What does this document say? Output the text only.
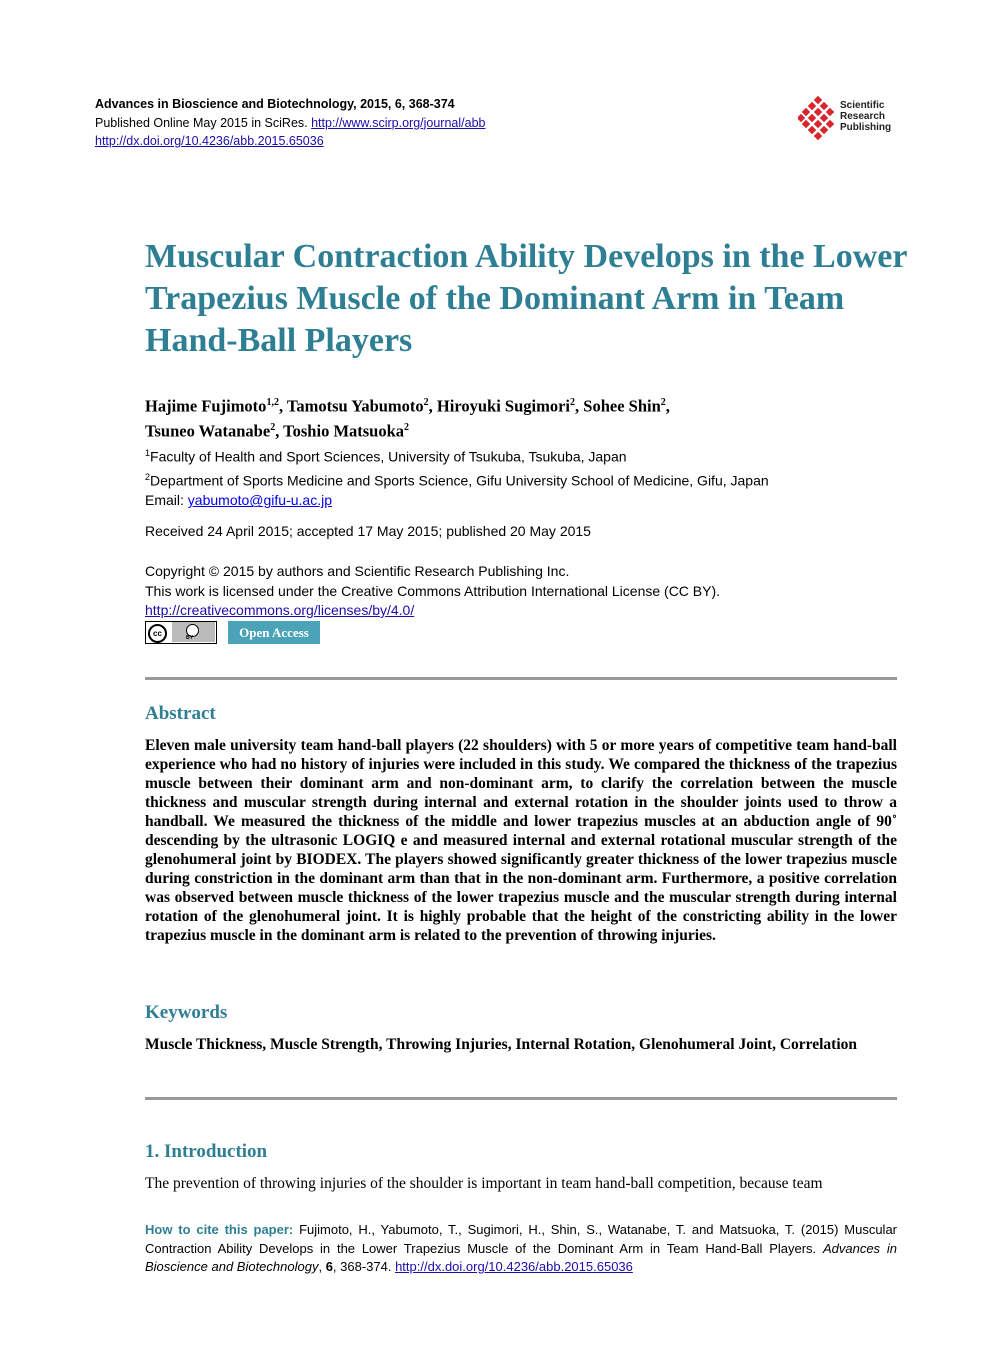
Advances in Bioscience and Biotechnology, 2015, 6, 368-374
Published Online May 2015 in SciRes. http://www.scirp.org/journal/abb
http://dx.doi.org/10.4236/abb.2015.65036
Scientific
Research
Publishing
Muscular Contraction Ability Develops in the Lower Trapezius Muscle of the Dominant Arm in Team Hand-Ball Players
Hajime Fujimoto$^{1,2}$, Tamotsu Yabumoto$^2$, Hiroyuki Sugimori$^2$, Sohee Shin$^2$,
Tsuneo Watanabe$^2$, Toshio Matsuoka$^2$
$^1$Faculty of Health and Sport Sciences, University of Tsukuba, Tsukuba, Japan
$^2$Department of Sports Medicine and Sports Science, Gifu University School of Medicine, Gifu, Japan
Email: yabumoto@gifu-u.ac.jp
Received 24 April 2015; accepted 17 May 2015; published 20 May 2015
Copyright © 2015 by authors and Scientific Research Publishing Inc.
This work is licensed under the Creative Commons Attribution International License (CC BY).
http://creativecommons.org/licenses/by/4.0/
cc	BY	Open Access
Abstract
Eleven male university team hand-ball players (22 shoulders) with 5 or more years of competitive team hand-ball experience who had no history of injuries were included in this study. We compared the thickness of the trapezius muscle between their dominant arm and non-dominant arm, to clarify the correlation between the muscle thickness and muscular strength during internal and external rotation in the shoulder joints used to throw a handball. We measured the thickness of the middle and lower trapezius muscles at an abduction angle of 90˚ descending by the ultrasonic LOGIQ e and measured internal and external rotational muscular strength of the glenohumeral joint by BIODEX. The players showed significantly greater thickness of the lower trapezius muscle during constriction in the dominant arm than that in the non-dominant arm. Furthermore, a positive correlation was observed between muscle thickness of the lower trapezius muscle and the muscular strength during internal rotation of the glenohumeral joint. It is highly probable that the height of the constricting ability in the lower trapezius muscle in the dominant arm is related to the prevention of throwing injuries.
Keywords
Muscle Thickness, Muscle Strength, Throwing Injuries, Internal Rotation, Glenohumeral Joint, Correlation
1. Introduction
The prevention of throwing injuries of the shoulder is important in team hand-ball competition, because team
How to cite this paper: Fujimoto, H., Yabumoto, T., Sugimori, H., Shin, S., Watanabe, T. and Matsuoka, T. (2015) Muscular Contraction Ability Develops in the Lower Trapezius Muscle of the Dominant Arm in Team Hand-Ball Players. Advances in Bioscience and Biotechnology, 6, 368-374. http://dx.doi.org/10.4236/abb.2015.65036
